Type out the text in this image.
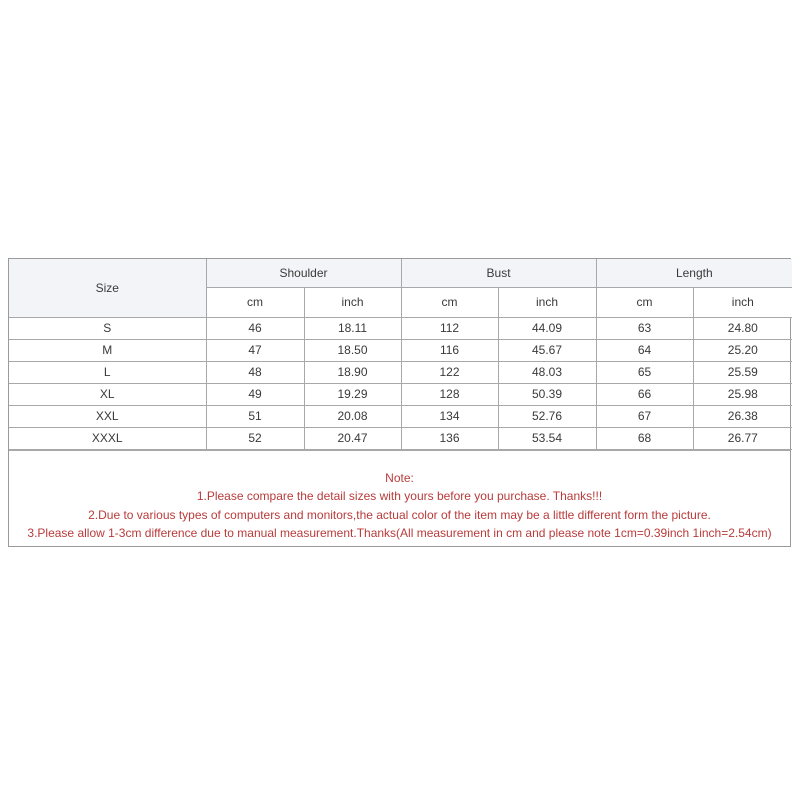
Size	Shoulder		Bust		Length	
	cm	inch	cm	inch	cm	inch
S	46	18.11	112	44.09	63	24.80
M	47	18.50	116	45.67	64	25.20
L	48	18.90	122	48.03	65	25.59
XL	49	19.29	128	50.39	66	25.98
XXL	51	20.08	134	52.76	67	26.38
XXXL	52	20.47	136	53.54	68	26.77
Note:
1.Please compare the detail sizes with yours before you purchase. Thanks!!!
2.Due to various types of computers and monitors,the actual color of the item may be a little different form the picture.
3.Please allow 1-3cm difference due to manual measurement.Thanks(All measurement in cm and please note 1cm=0.39inch 1inch=2.54cm)
